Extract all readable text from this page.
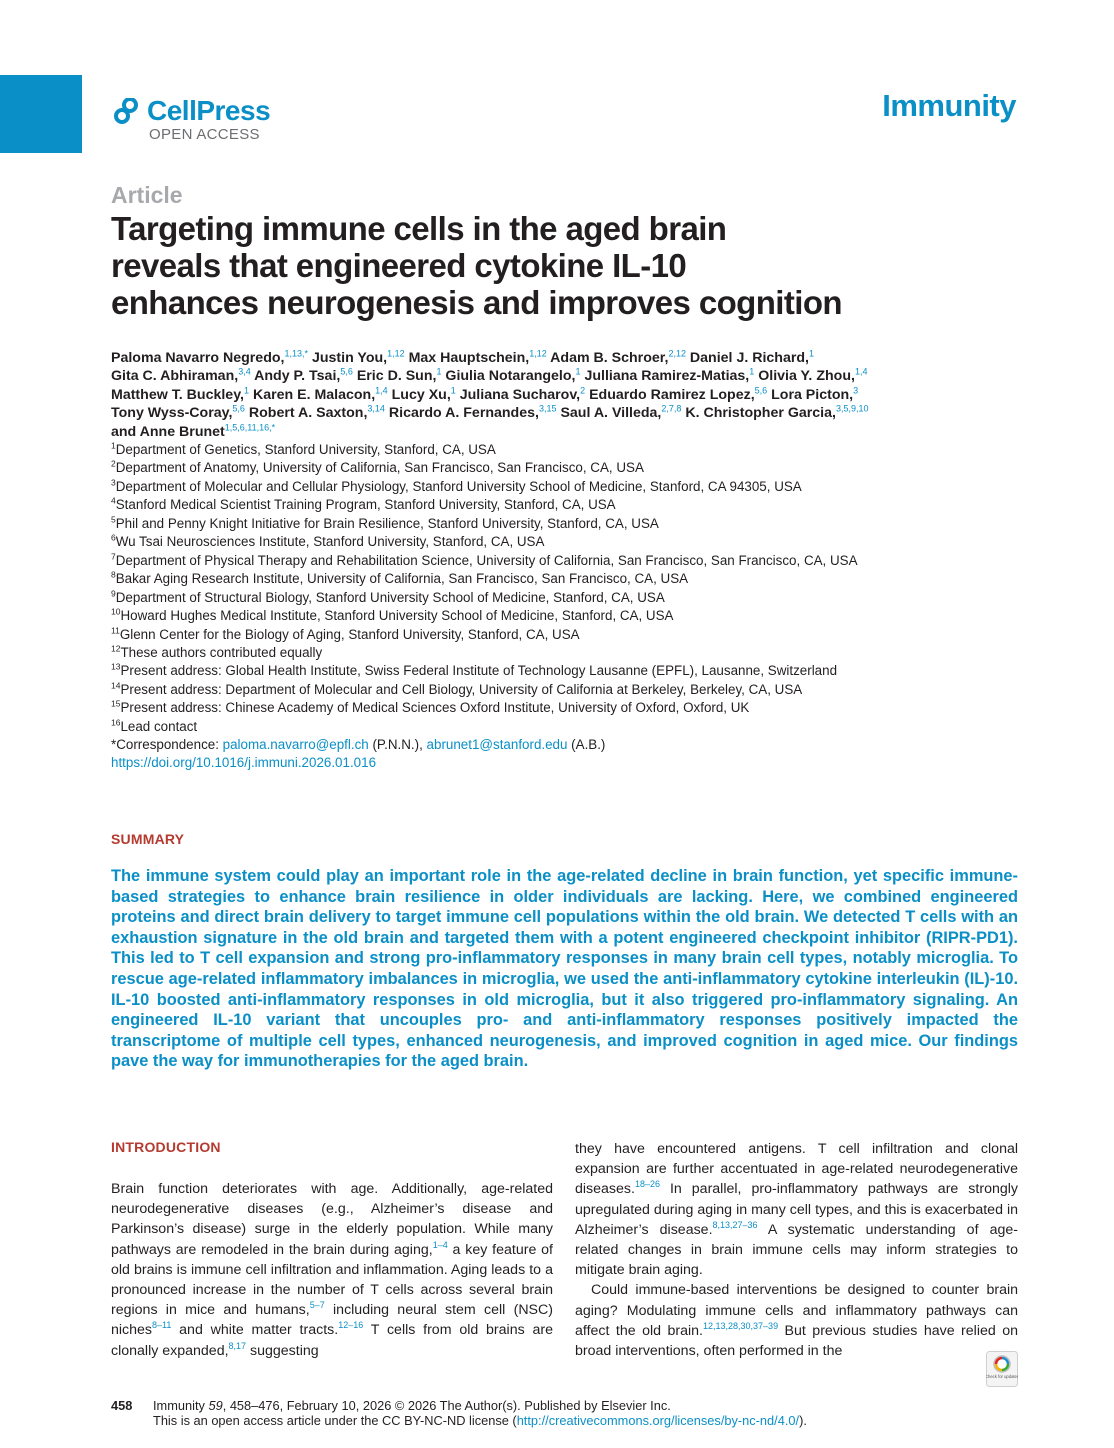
CellPress
OPEN ACCESS
Immunity
Article
Targeting immune cells in the aged brain
reveals that engineered cytokine IL-10
enhances neurogenesis and improves cognition

Paloma Navarro Negredo,$^{1,13,*}$ Justin You,$^{1,12}$ Max Hauptschein,$^{1,12}$ Adam B. Schroer,$^{2,12}$ Daniel J. Richard,$^1$
Gita C. Abhiraman,$^{3,4}$ Andy P. Tsai,$^{5,6}$ Eric D. Sun,$^1$ Giulia Notarangelo,$^1$ Julliana Ramirez-Matias,$^1$ Olivia Y. Zhou,$^{1,4}$
Matthew T. Buckley,$^1$ Karen E. Malacon,$^{1,4}$ Lucy Xu,$^1$ Juliana Sucharov,$^2$ Eduardo Ramirez Lopez,$^{5,6}$ Lora Picton,$^3$
Tony Wyss-Coray,$^{5,6}$ Robert A. Saxton,$^{3,14}$ Ricardo A. Fernandes,$^{3,15}$ Saul A. Villeda,$^{2,7,8}$ K. Christopher Garcia,$^{3,5,9,10}$
and Anne Brunet$^{1,5,6,11,16,*}$

$^1$Department of Genetics, Stanford University, Stanford, CA, USA
$^2$Department of Anatomy, University of California, San Francisco, San Francisco, CA, USA
$^3$Department of Molecular and Cellular Physiology, Stanford University School of Medicine, Stanford, CA 94305, USA
$^4$Stanford Medical Scientist Training Program, Stanford University, Stanford, CA, USA
$^5$Phil and Penny Knight Initiative for Brain Resilience, Stanford University, Stanford, CA, USA
$^6$Wu Tsai Neurosciences Institute, Stanford University, Stanford, CA, USA
$^7$Department of Physical Therapy and Rehabilitation Science, University of California, San Francisco, San Francisco, CA, USA
$^8$Bakar Aging Research Institute, University of California, San Francisco, San Francisco, CA, USA
$^9$Department of Structural Biology, Stanford University School of Medicine, Stanford, CA, USA
$^{10}$Howard Hughes Medical Institute, Stanford University School of Medicine, Stanford, CA, USA
$^{11}$Glenn Center for the Biology of Aging, Stanford University, Stanford, CA, USA
$^{12}$These authors contributed equally
$^{13}$Present address: Global Health Institute, Swiss Federal Institute of Technology Lausanne (EPFL), Lausanne, Switzerland
$^{14}$Present address: Department of Molecular and Cell Biology, University of California at Berkeley, Berkeley, CA, USA
$^{15}$Present address: Chinese Academy of Medical Sciences Oxford Institute, University of Oxford, Oxford, UK
$^{16}$Lead contact
*Correspondence: paloma.navarro@epfl.ch (P.N.N.), abrunet1@stanford.edu (A.B.)
https://doi.org/10.1016/j.immuni.2026.01.016
SUMMARY

The immune system could play an important role in the age-related decline in brain function, yet specific immune-based strategies to enhance brain resilience in older individuals are lacking. Here, we combined engineered proteins and direct brain delivery to target immune cell populations within the old brain. We detected T cells with an exhaustion signature in the old brain and targeted them with a potent engineered checkpoint inhibitor (RIPR-PD1). This led to T cell expansion and strong pro-inflammatory responses in many brain cell types, notably microglia. To rescue age-related inflammatory imbalances in microglia, we used the anti-inflammatory cytokine interleukin (IL)-10. IL-10 boosted anti-inflammatory responses in old microglia, but it also triggered pro-inflammatory signaling. An engineered IL-10 variant that uncouples pro- and anti-inflammatory responses positively impacted the transcriptome of multiple cell types, enhanced neurogenesis, and improved cognition in aged mice. Our findings pave the way for immunotherapies for the aged brain.

INTRODUCTION

Brain function deteriorates with age. Additionally, age-related neurodegenerative diseases (e.g., Alzheimer’s disease and Parkinson’s disease) surge in the elderly population. While many pathways are remodeled in the brain during aging,$^{1-4}$ a key feature of old brains is immune cell infiltration and inflammation. Aging leads to a pronounced increase in the number of T cells across several brain regions in mice and humans,$^{5-7}$ including neural stem cell (NSC) niches$^{8-11}$ and white matter tracts.$^{12-16}$ T cells from old brains are clonally expanded,$^{8,17}$ suggesting

they have encountered antigens. T cell infiltration and clonal expansion are further accentuated in age-related neurodegenerative diseases.$^{18-26}$ In parallel, pro-inflammatory pathways are strongly upregulated during aging in many cell types, and this is exacerbated in Alzheimer’s disease.$^{8,13,27-36}$ A systematic understanding of age-related changes in brain immune cells may inform strategies to mitigate brain aging.

Could immune-based interventions be designed to counter brain aging? Modulating immune cells and inflammatory pathways can affect the old brain.$^{12,13,28,30,37-39}$ But previous studies have relied on broad interventions, often performed in the

458 Immunity 59, 458–476, February 10, 2026 © 2026 The Author(s). Published by Elsevier Inc.
This is an open access article under the CC BY-NC-ND license (http://creativecommons.org/licenses/by-nc-nd/4.0/).
Check for updates
